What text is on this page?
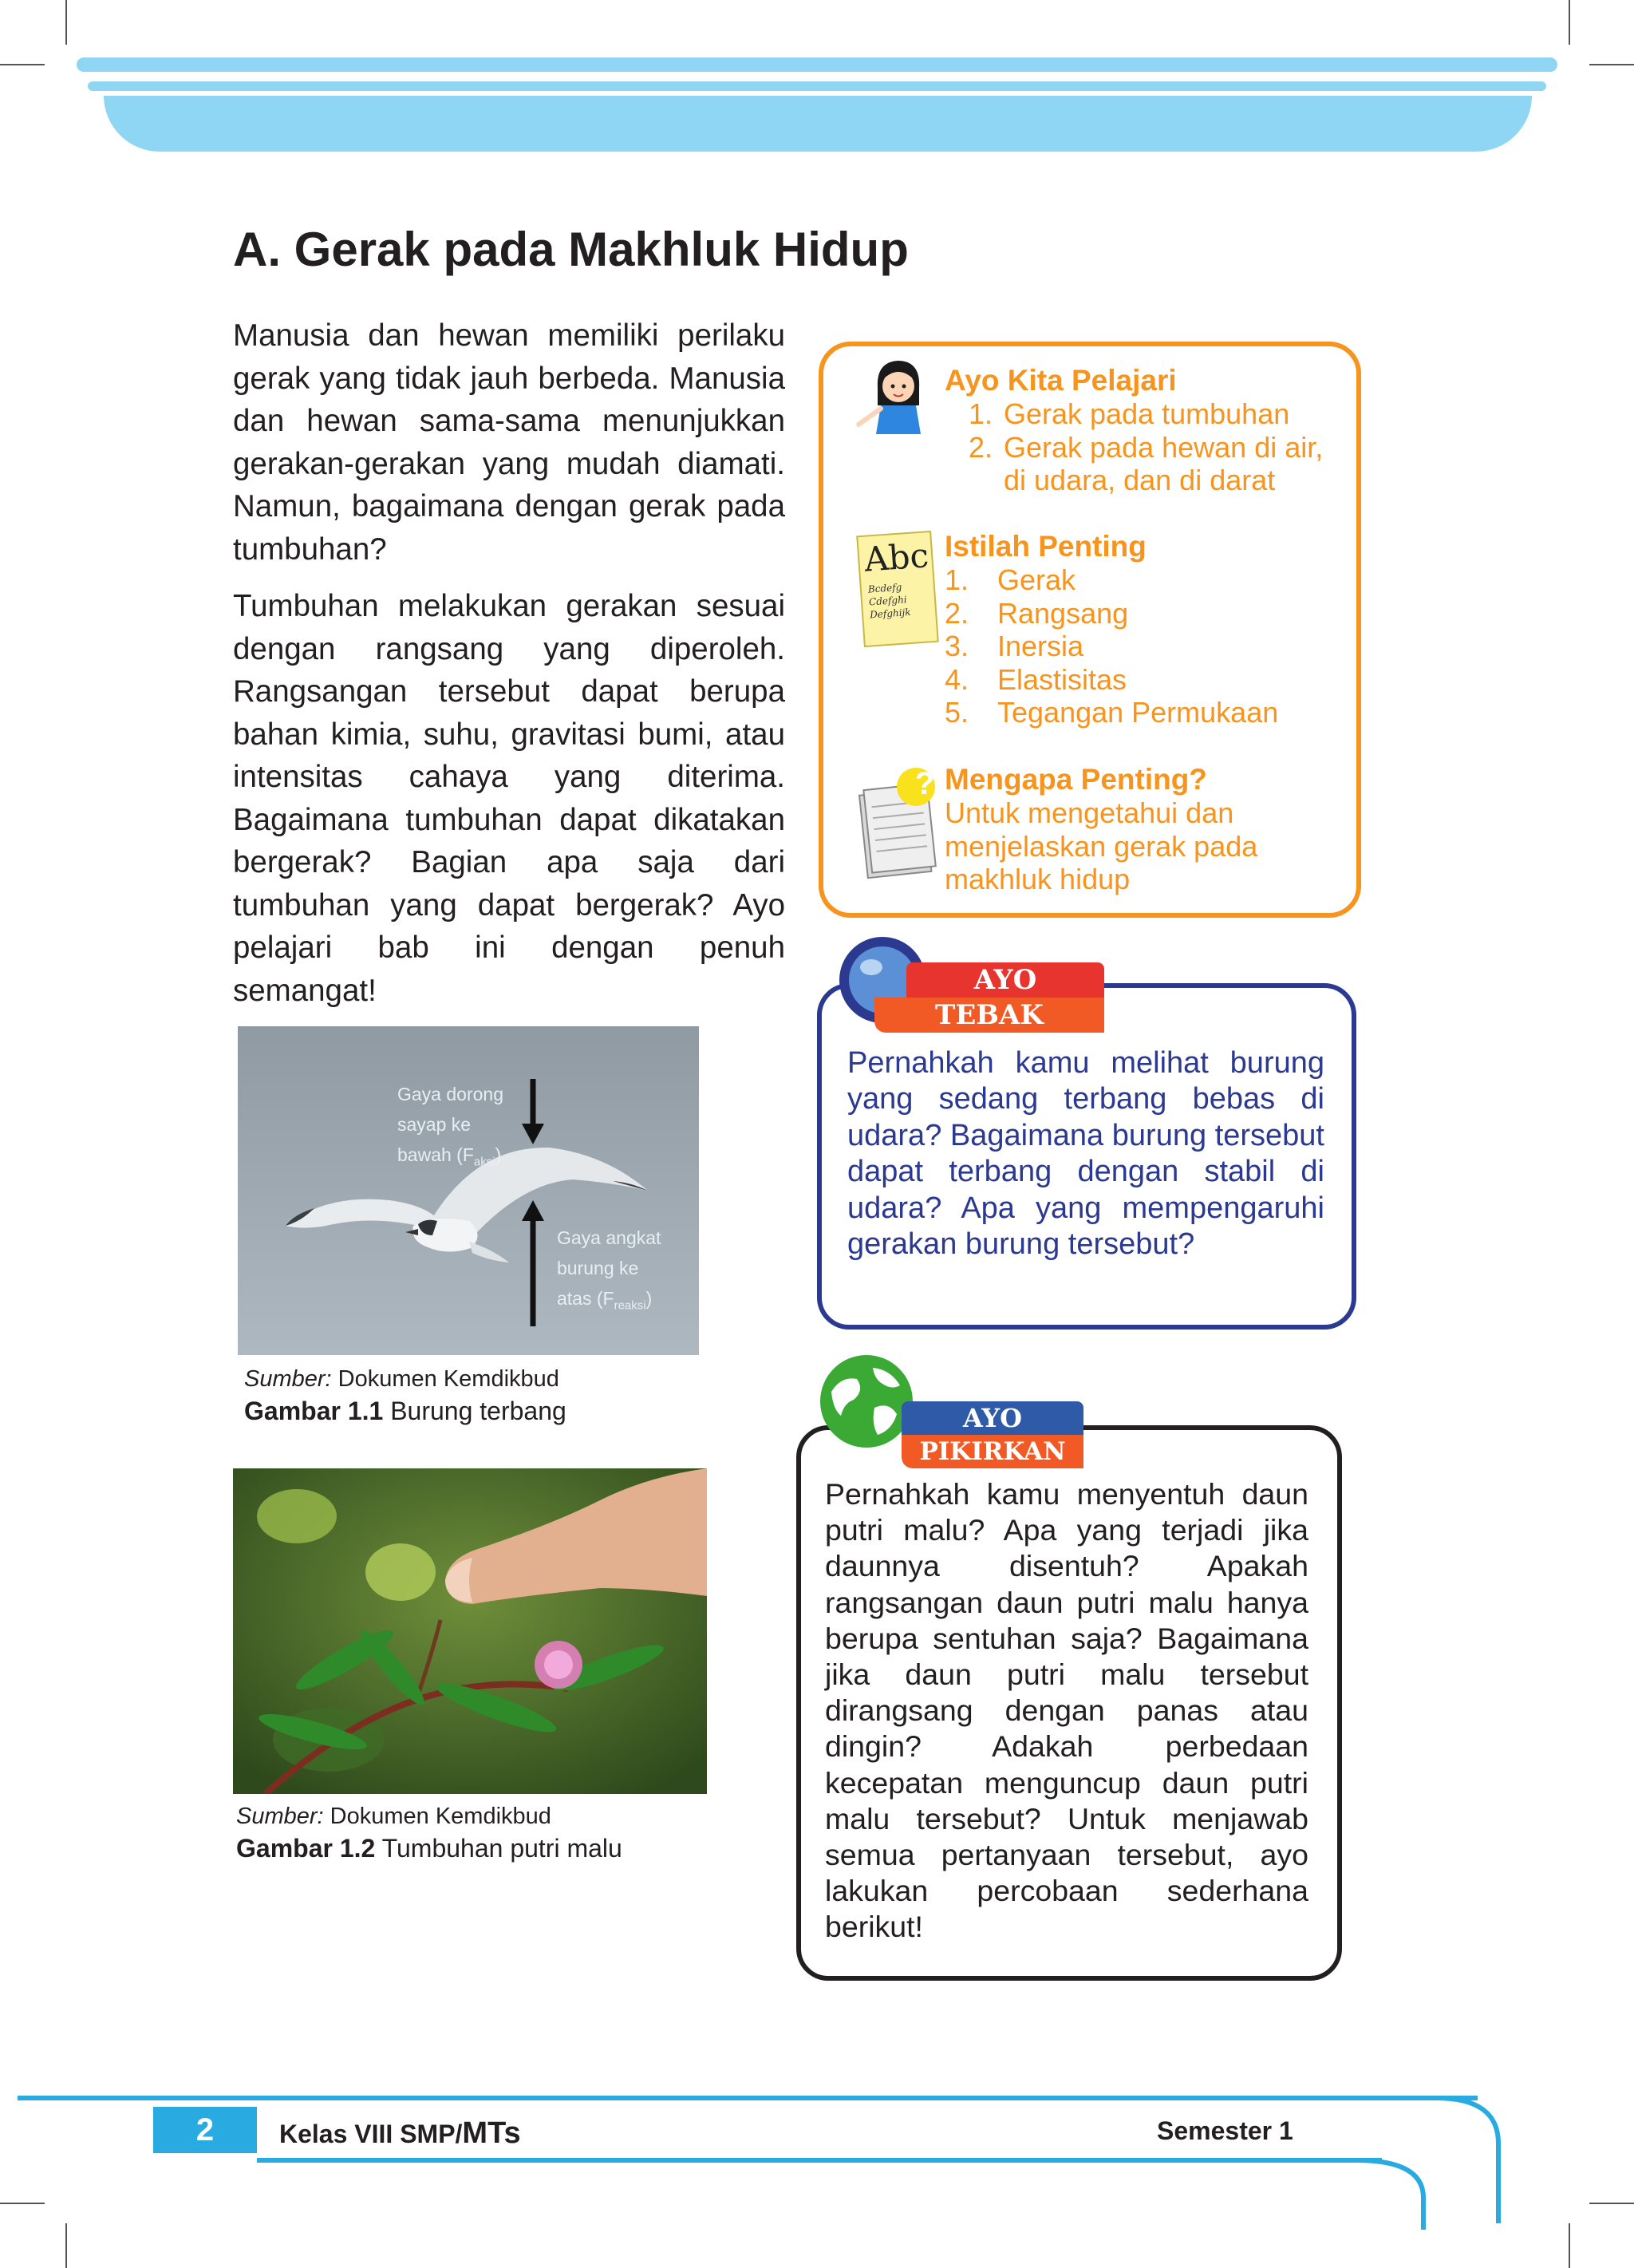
A. Gerak pada Makhluk Hidup

Manusia dan hewan memiliki perilaku gerak yang tidak jauh berbeda. Manusia dan hewan sama-sama menunjukkan gerakan-gerakan yang mudah diamati. Namun, bagaimana dengan gerak pada tumbuhan?

Tumbuhan melakukan gerakan sesuai dengan rangsang yang diperoleh. Rangsangan tersebut dapat berupa bahan kimia, suhu, gravitasi bumi, atau intensitas cahaya yang diterima. Bagaimana tumbuhan dapat dikatakan bergerak? Bagian apa saja dari tumbuhan yang dapat bergerak? Ayo pelajari bab ini dengan penuh semangat!

Ayo Kita Pelajari
1. Gerak pada tumbuhan
2. Gerak pada hewan di air, di udara, dan di darat
Abc
Bcdefg
Cdefghi
Defghijk
Istilah Penting
1. Gerak
2. Rangsang
3. Inersia
4. Elastisitas
5. Tegangan Permukaan
? Mengapa Penting?
Untuk mengetahui dan menjelaskan gerak pada makhluk hidup
AYO
TEBAK
Pernahkah kamu melihat burung yang sedang terbang bebas di udara? Bagaimana burung tersebut dapat terbang dengan stabil di udara? Apa yang mempengaruhi gerakan burung tersebut?
AYO
PIKIRKAN
Pernahkah kamu menyentuh daun putri malu? Apa yang terjadi jika daunnya disentuh? Apakah rangsangan daun putri malu hanya berupa sentuhan saja? Bagaimana jika daun putri malu tersebut dirangsang dengan panas atau dingin? Adakah perbedaan kecepatan menguncup daun putri malu tersebut? Untuk menjawab semua pertanyaan tersebut, ayo lakukan percobaan sederhana berikut!
Gaya dorong
sayap ke
bawah $(F_{aksi})$
Gaya angkat
burung ke
atas $(F_{reaksi})$
Sumber: Dokumen Kemdikbud
Gambar 1.1 Burung terbang
Sumber: Dokumen Kemdikbud
Gambar 1.2 Tumbuhan putri malu
2	Kelas VIII SMP/MTs	Semester 1
